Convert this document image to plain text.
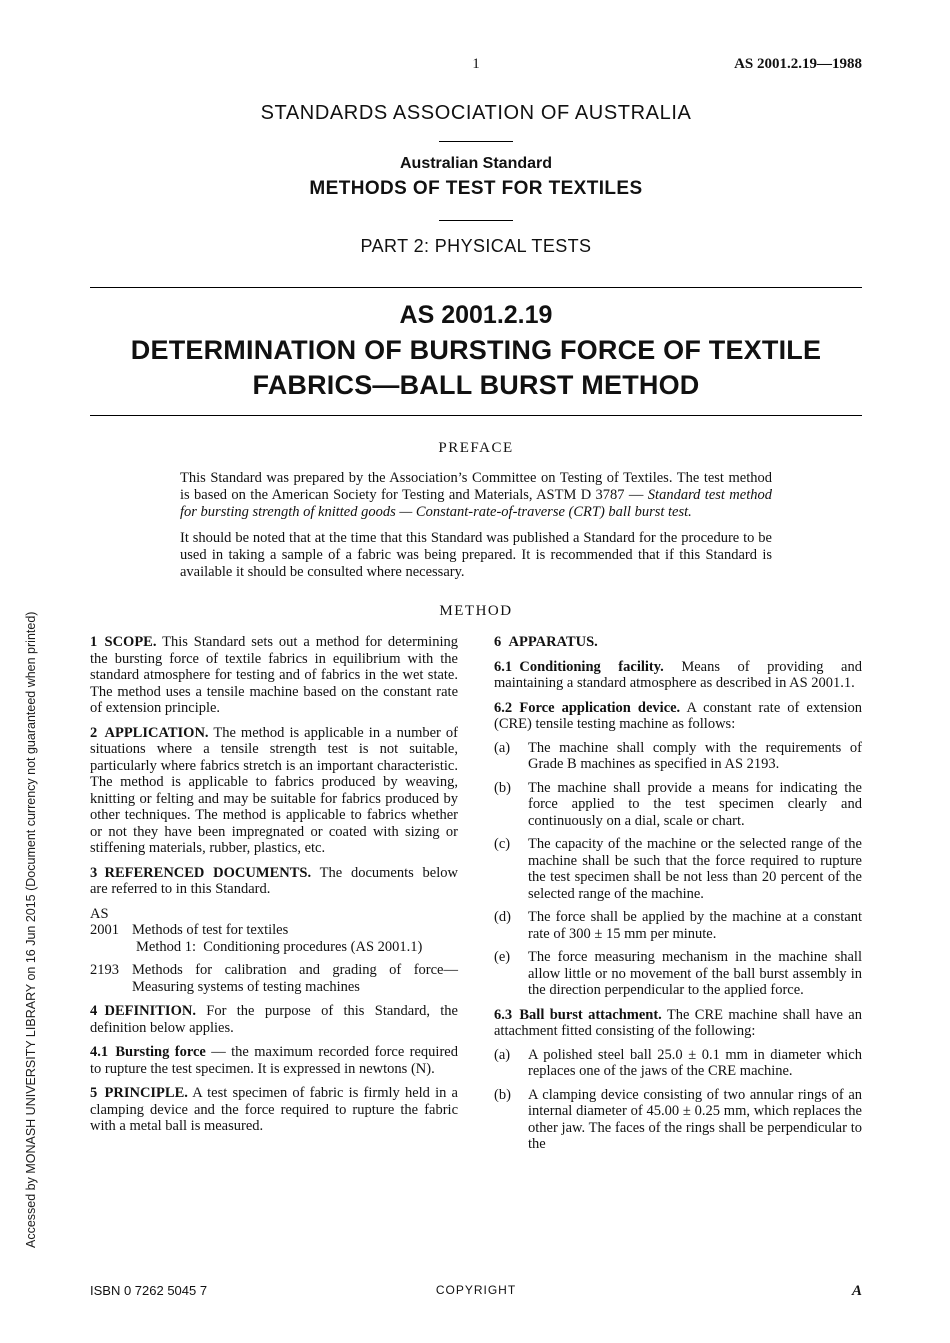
Accessed by MONASH UNIVERSITY LIBRARY on 16 Jun 2015 (Document currency not guaranteed when printed)
1	AS 2001.2.19—1988
STANDARDS ASSOCIATION OF AUSTRALIA
Australian Standard
METHODS OF TEST FOR TEXTILES
PART 2: PHYSICAL TESTS
AS 2001.2.19
DETERMINATION OF BURSTING FORCE OF TEXTILE
FABRICS—BALL BURST METHOD
PREFACE

This Standard was prepared by the Association’s Committee on Testing of Textiles. The test method is based on the American Society for Testing and Materials, ASTM D 3787 — Standard test method for bursting strength of knitted goods — Constant-rate-of-traverse (CRT) ball burst test.

It should be noted that at the time that this Standard was published a Standard for the procedure to be used in taking a sample of a fabric was being prepared. It is recommended that if this Standard is available it should be consulted where necessary.

METHOD

1 SCOPE. This Standard sets out a method for determining the bursting force of textile fabrics in equilibrium with the standard atmosphere for testing and of fabrics in the wet state. The method uses a tensile machine based on the constant rate of extension principle.

2 APPLICATION. The method is applicable in a number of situations where a tensile strength test is not suitable, particularly where fabrics stretch is an important characteristic. The method is applicable to fabrics produced by weaving, knitting or felting and may be suitable for fabrics produced by other techniques. The method is applicable to fabrics whether or not they have been impregnated or coated with sizing or stiffening materials, rubber, plastics, etc.

3 REFERENCED DOCUMENTS. The documents below are referred to in this Standard.

AS
2001 Methods of test for textiles
Method 1: Conditioning procedures (AS 2001.1)
2193 Methods for calibration and grading of force— Measuring systems of testing machines

4 DEFINITION. For the purpose of this Standard, the definition below applies.

4.1 Bursting force — the maximum recorded force required to rupture the test specimen. It is expressed in newtons (N).

5 PRINCIPLE. A test specimen of fabric is firmly held in a clamping device and the force required to rupture the fabric with a metal ball is measured.

6 APPARATUS.

6.1 Conditioning facility. Means of providing and maintaining a standard atmosphere as described in AS 2001.1.

6.2 Force application device. A constant rate of extension (CRE) tensile testing machine as follows:

(a)	The machine shall comply with the requirements of Grade B machines as specified in AS 2193.
(b)	The machine shall provide a means for indicating the force applied to the test specimen clearly and continuously on a dial, scale or chart.
(c)	The capacity of the machine or the selected range of the machine shall be such that the force required to rupture the test specimen shall be not less than 20 percent of the selected range of the machine.
(d)	The force shall be applied by the machine at a constant rate of 300 ± 15 mm per minute.
(e)	The force measuring mechanism in the machine shall allow little or no movement of the ball burst assembly in the direction perpendicular to the applied force.

6.3 Ball burst attachment. The CRE machine shall have an attachment fitted consisting of the following:

(a)	A polished steel ball 25.0 ± 0.1 mm in diameter which replaces one of the jaws of the CRE machine.
(b)	A clamping device consisting of two annular rings of an internal diameter of 45.00 ± 0.25 mm, which replaces the other jaw. The faces of the rings shall be perpendicular to the
ISBN 0 7262 5045 7	COPYRIGHT	A
